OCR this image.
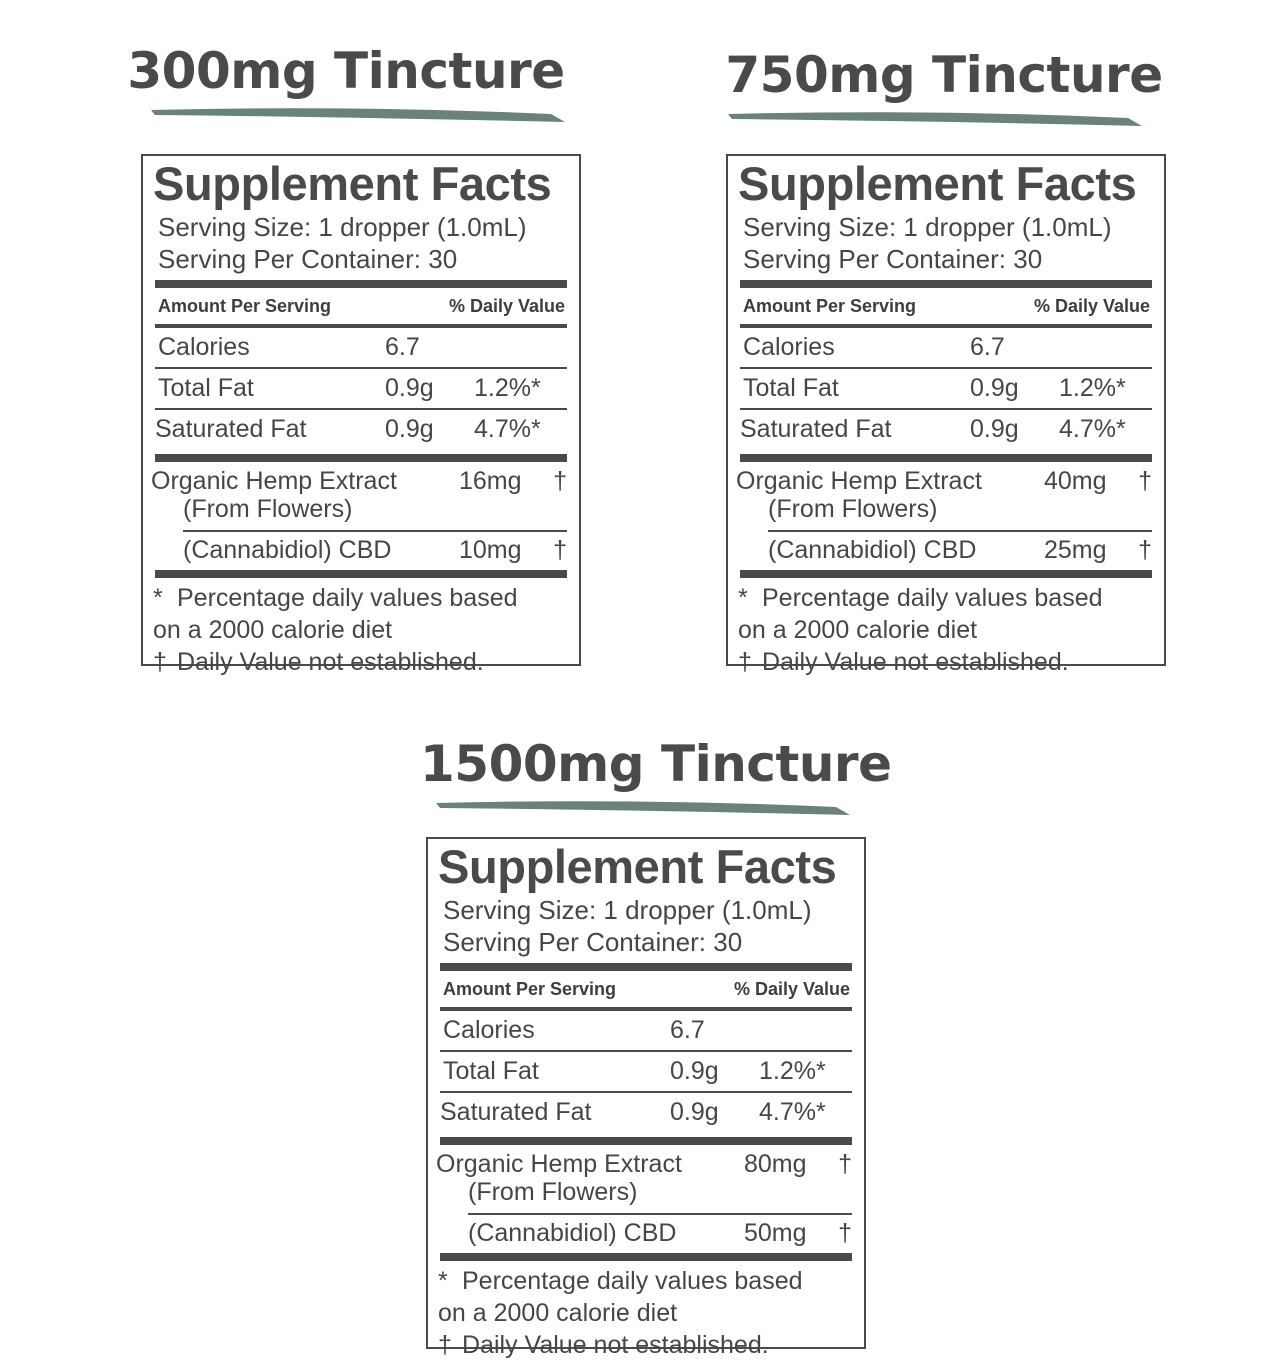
300mg Tincture
Supplement Facts
Serving Size: 1 dropper (1.0mL)
Serving Per Container: 30
Amount Per Serving	% Daily Value
Calories	6.7
Total Fat	0.9g	1.2%*
Saturated Fat	0.9g	4.7%*
Organic Hemp Extract
(From Flowers)
16mg	†
(Cannabidiol) CBD	10mg	†
* Percentage daily values based
on a 2000 calorie diet
† Daily Value not established.
750mg Tincture
Supplement Facts
Serving Size: 1 dropper (1.0mL)
Serving Per Container: 30
Amount Per Serving	% Daily Value
Calories	6.7
Total Fat	0.9g	1.2%*
Saturated Fat	0.9g	4.7%*
Organic Hemp Extract
(From Flowers)
40mg	†
(Cannabidiol) CBD	25mg	†
* Percentage daily values based
on a 2000 calorie diet
† Daily Value not established.
1500mg Tincture
Supplement Facts
Serving Size: 1 dropper (1.0mL)
Serving Per Container: 30
Amount Per Serving	% Daily Value
Calories	6.7
Total Fat	0.9g	1.2%*
Saturated Fat	0.9g	4.7%*
Organic Hemp Extract
(From Flowers)
80mg	†
(Cannabidiol) CBD	50mg	†
* Percentage daily values based
on a 2000 calorie diet
† Daily Value not established.
